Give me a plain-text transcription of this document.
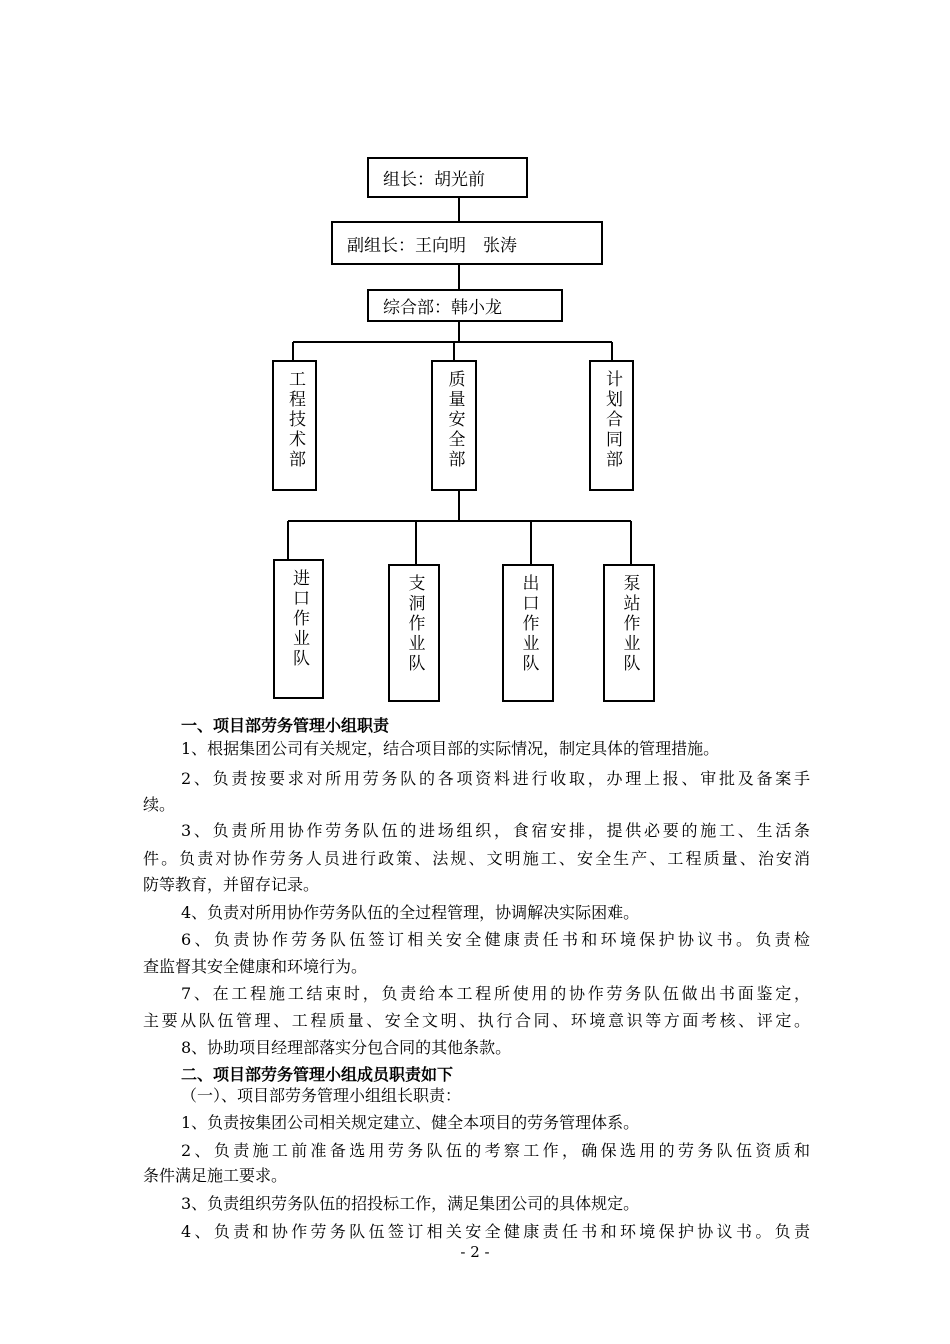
组长：胡光前
副组长：王向明　张涛
综合部：韩小龙
工程技术部	质量安全部	计划合同部
进口作业队	支洞作业队	出口作业队	泵站作业队
一、项目部劳务管理小组职责
1、根据集团公司有关规定，结合项目部的实际情况，制定具体的管理措施。
2、负责按要求对所用劳务队的各项资料进行收取，办理上报、审批及备案手
续。
3、负责所用协作劳务队伍的进场组织，食宿安排，提供必要的施工、生活条
件。负责对协作劳务人员进行政策、法规、文明施工、安全生产、工程质量、治安消
防等教育，并留存记录。
4、负责对所用协作劳务队伍的全过程管理，协调解决实际困难。
6、负责协作劳务队伍签订相关安全健康责任书和环境保护协议书。负责检
查监督其安全健康和环境行为。
7、在工程施工结束时，负责给本工程所使用的协作劳务队伍做出书面鉴定，
主要从队伍管理、工程质量、安全文明、执行合同、环境意识等方面考核、评定。
8、协助项目经理部落实分包合同的其他条款。
二、项目部劳务管理小组成员职责如下
（一）、项目部劳务管理小组组长职责：
1、负责按集团公司相关规定建立、健全本项目的劳务管理体系。
2、负责施工前准备选用劳务队伍的考察工作，确保选用的劳务队伍资质和
条件满足施工要求。
3、负责组织劳务队伍的招投标工作，满足集团公司的具体规定。
4、负责和协作劳务队伍签订相关安全健康责任书和环境保护协议书。负责
- 2 -
